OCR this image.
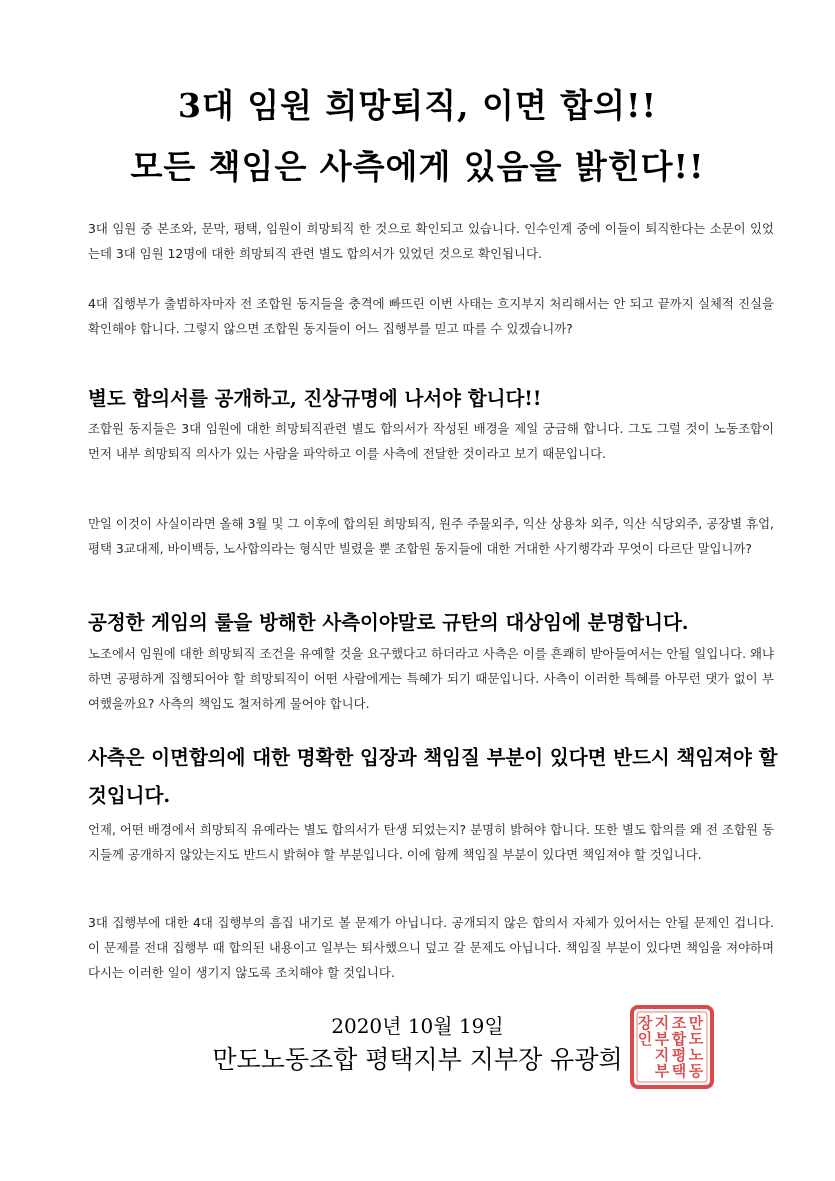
3대 임원 희망퇴직, 이면 합의!!
모든 책임은 사측에게 있음을 밝힌다!!

3대 임원 중 본조와, 문막, 평택, 임원이 희망퇴직 한 것으로 확인되고 있습니다. 인수인계 중에 이들이 퇴직한다는 소문이 있었는데 3대 임원 12명에 대한 희망퇴직 관련 별도 합의서가 있었던 것으로 확인됩니다.

4대 집행부가 출범하자마자 전 조합원 동지들을 충격에 빠뜨린 이번 사태는 흐지부지 처리해서는 안 되고 끝까지 실체적 진실을 확인해야 합니다. 그렇지 않으면 조합원 동지들이 어느 집행부를 믿고 따를 수 있겠습니까?

별도 합의서를 공개하고, 진상규명에 나서야 합니다!!

조합원 동지들은 3대 임원에 대한 희망퇴직관련 별도 합의서가 작성된 배경을 제일 궁금해 합니다. 그도 그럴 것이 노동조합이 먼저 내부 희망퇴직 의사가 있는 사람을 파악하고 이를 사측에 전달한 것이라고 보기 때문입니다.

만일 이것이 사실이라면 올해 3월 및 그 이후에 합의된 희망퇴직, 원주 주물외주, 익산 상용차 외주, 익산 식당외주, 공장별 휴업, 평택 3교대제, 바이백등, 노사합의라는 형식만 빌렸을 뿐 조합원 동지들에 대한 거대한 사기행각과 무엇이 다르단 말입니까?

공정한 게임의 룰을 방해한 사측이야말로 규탄의 대상임에 분명합니다.

노조에서 임원에 대한 희망퇴직 조건을 유예할 것을 요구했다고 하더라고 사측은 이를 흔쾌히 받아들여서는 안될 일입니다. 왜냐하면 공평하게 집행되어야 할 희망퇴직이 어떤 사람에게는 특혜가 되기 때문입니다. 사측이 이러한 특혜를 아무런 댓가 없이 부여했을까요? 사측의 책임도 철저하게 물어야 합니다.

사측은 이면합의에 대한 명확한 입장과 책임질 부분이 있다면 반드시 책임져야 할 것입니다.

언제, 어떤 배경에서 희망퇴직 유예라는 별도 합의서가 탄생 되었는지? 분명히 밝혀야 합니다. 또한 별도 합의를 왜 전 조합원 동지들께 공개하지 않았는지도 반드시 밝혀야 할 부분입니다. 이에 함께 책임질 부분이 있다면 책임져야 할 것입니다.

3대 집행부에 대한 4대 집행부의 흠집 내기로 볼 문제가 아닙니다. 공개되지 않은 합의서 자체가 있어서는 안될 문제인 겁니다. 이 문제를 전대 집행부 때 합의된 내용이고 일부는 퇴사했으니 덮고 갈 문제도 아닙니다. 책임질 부분이 있다면 책임을 져야하며 다시는 이러한 일이 생기지 않도록 조치해야 할 것입니다.

2020년 10월 19일
만도노동조합 평택지부 지부장 유광희
만
도
노
동
조
합
평
택
지
부
지
부
장
인
